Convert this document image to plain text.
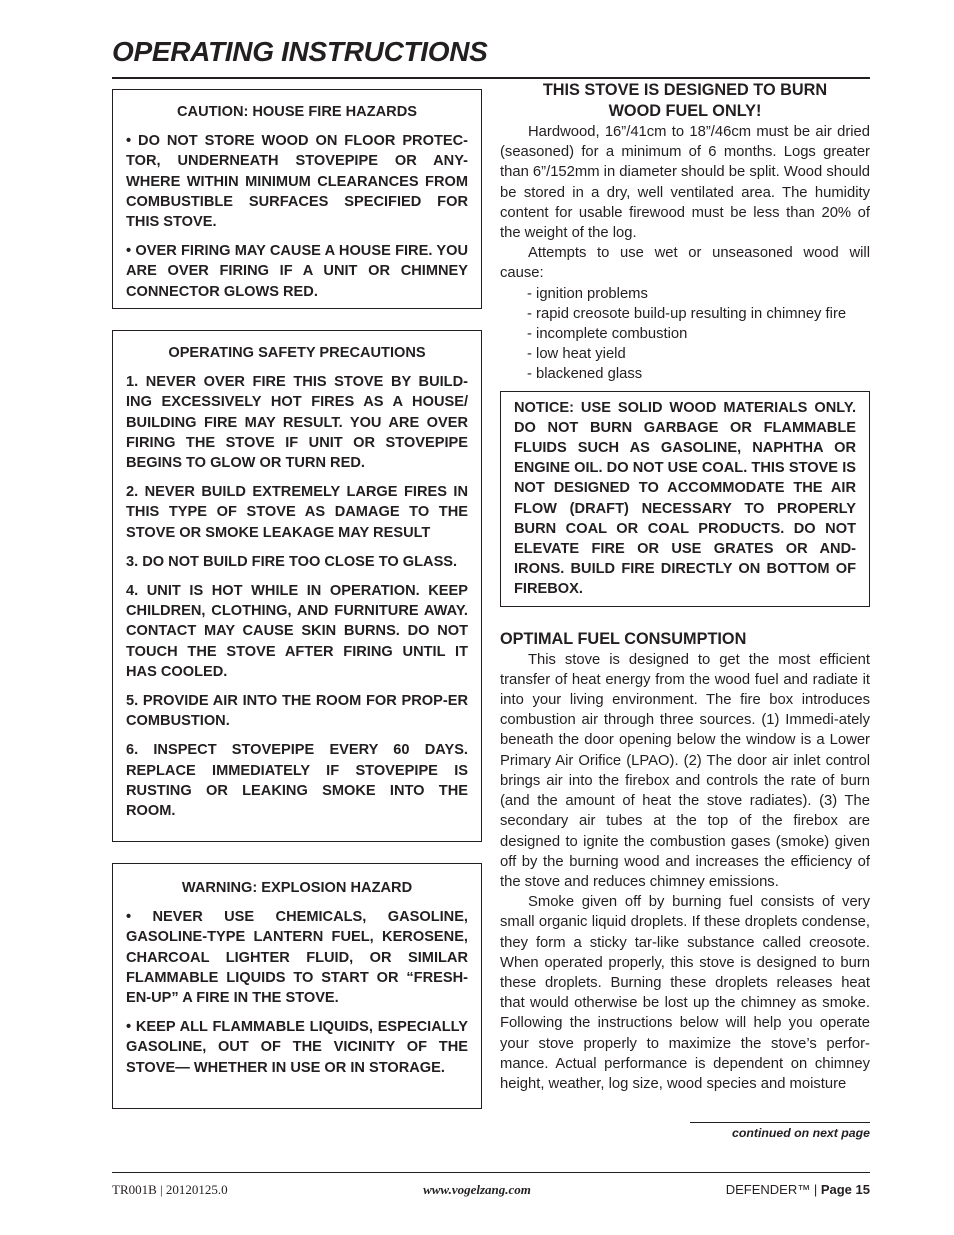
OPERATING INSTRUCTIONS
CAUTION: HOUSE FIRE HAZARDS

• DO NOT STORE WOOD ON FLOOR PROTEC-TOR, UNDERNEATH STOVEPIPE OR ANY-WHERE WITHIN MINIMUM CLEARANCES FROM COMBUSTIBLE SURFACES SPECIFIED FOR THIS STOVE.

• OVER FIRING MAY CAUSE A HOUSE FIRE. YOU ARE OVER FIRING IF A UNIT OR CHIMNEY CONNECTOR GLOWS RED.

OPERATING SAFETY PRECAUTIONS

1. NEVER OVER FIRE THIS STOVE BY BUILD-ING EXCESSIVELY HOT FIRES AS A HOUSE/ BUILDING FIRE MAY RESULT. YOU ARE OVER FIRING THE STOVE IF UNIT OR STOVEPIPE BEGINS TO GLOW OR TURN RED.

2. NEVER BUILD EXTREMELY LARGE FIRES IN THIS TYPE OF STOVE AS DAMAGE TO THE STOVE OR SMOKE LEAKAGE MAY RESULT

3. DO NOT BUILD FIRE TOO CLOSE TO GLASS.

4. UNIT IS HOT WHILE IN OPERATION. KEEP CHILDREN, CLOTHING, AND FURNITURE AWAY. CONTACT MAY CAUSE SKIN BURNS. DO NOT TOUCH THE STOVE AFTER FIRING UNTIL IT HAS COOLED.

5. PROVIDE AIR INTO THE ROOM FOR PROP-ER COMBUSTION.

6. INSPECT STOVEPIPE EVERY 60 DAYS. REPLACE IMMEDIATELY IF STOVEPIPE IS RUSTING OR LEAKING SMOKE INTO THE ROOM.

WARNING: EXPLOSION HAZARD

• NEVER USE CHEMICALS, GASOLINE, GASOLINE-TYPE LANTERN FUEL, KEROSENE, CHARCOAL LIGHTER FLUID, OR SIMILAR FLAMMABLE LIQUIDS TO START OR “FRESH-EN-UP” A FIRE IN THE STOVE.

• KEEP ALL FLAMMABLE LIQUIDS, ESPECIALLY GASOLINE, OUT OF THE VICINITY OF THE STOVE— WHETHER IN USE OR IN STORAGE.

THIS STOVE IS DESIGNED TO BURN WOOD FUEL ONLY!

Hardwood, 16”/41cm to 18”/46cm must be air dried (seasoned) for a minimum of 6 months. Logs greater than 6”/152mm in diameter should be split. Wood should be stored in a dry, well ventilated area. The humidity content for usable firewood must be less than 20% of the weight of the log.

Attempts to use wet or unseasoned wood will cause:

- ignition problems
- rapid creosote build-up resulting in chimney fire
- incomplete combustion
- low heat yield
- blackened glass
NOTICE: USE SOLID WOOD MATERIALS ONLY. DO NOT BURN GARBAGE OR FLAMMABLE FLUIDS SUCH AS GASOLINE, NAPHTHA OR ENGINE OIL. DO NOT USE COAL. THIS STOVE IS NOT DESIGNED TO ACCOMMODATE THE AIR FLOW (DRAFT) NECESSARY TO PROPERLY BURN COAL OR COAL PRODUCTS. DO NOT ELEVATE FIRE OR USE GRATES OR AND-IRONS. BUILD FIRE DIRECTLY ON BOTTOM OF FIREBOX.
OPTIMAL FUEL CONSUMPTION

This stove is designed to get the most efficient transfer of heat energy from the wood fuel and radiate it into your living environment. The fire box introduces combustion air through three sources. (1) Immedi-ately beneath the door opening below the window is a Lower Primary Air Orifice (LPAO). (2) The door air inlet control brings air into the firebox and controls the rate of burn (and the amount of heat the stove radiates). (3) The secondary air tubes at the top of the firebox are designed to ignite the combustion gases (smoke) given off by the burning wood and increases the efficiency of the stove and reduces chimney emissions.

Smoke given off by burning fuel consists of very small organic liquid droplets. If these droplets condense, they form a sticky tar-like substance called creosote. When operated properly, this stove is designed to burn these droplets. Burning these droplets releases heat that would otherwise be lost up the chimney as smoke. Following the instructions below will help you operate your stove properly to maximize the stove’s perfor-mance. Actual performance is dependent on chimney height, weather, log size, wood species and moisture

continued on next page
TR001B | 20120125.0	www.vogelzang.com	DEFENDER™ | Page 15
